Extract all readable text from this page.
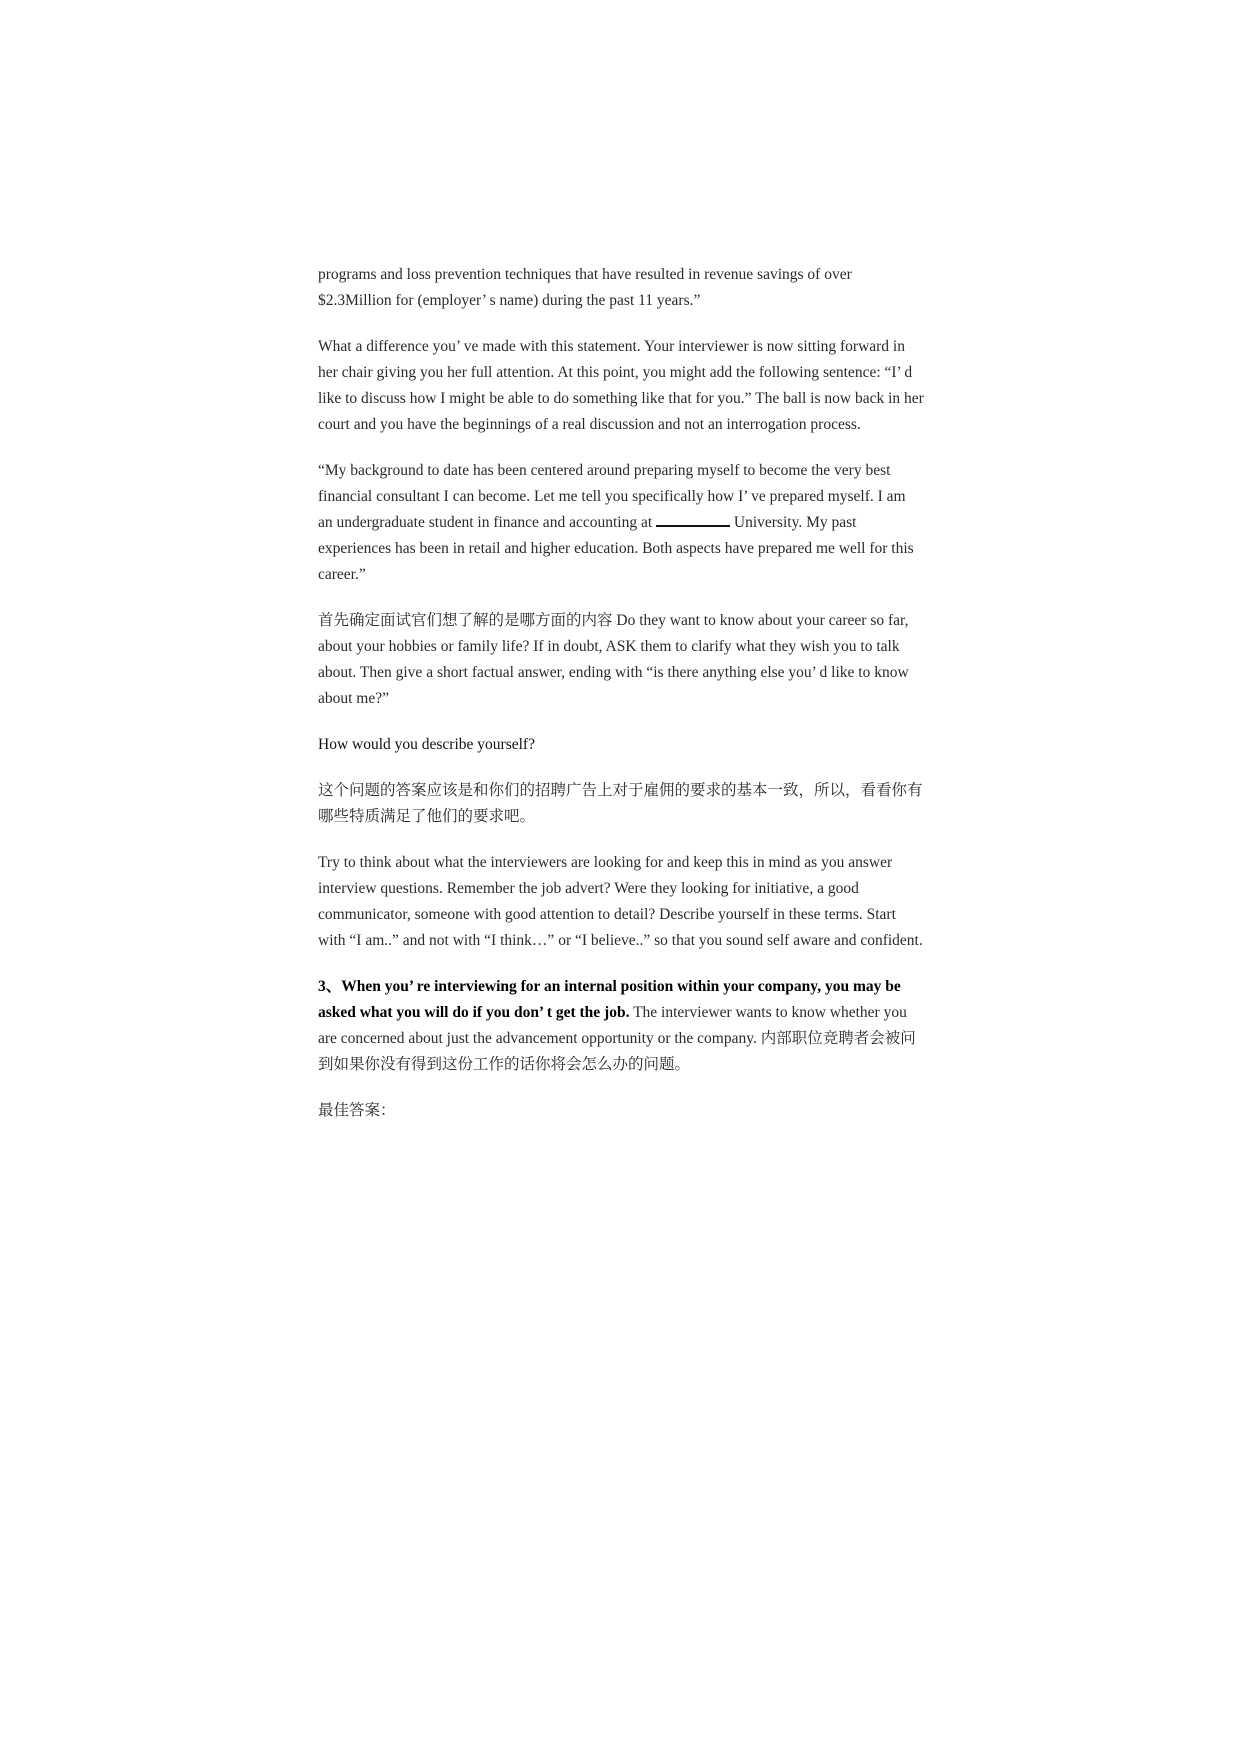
programs and loss prevention techniques that have resulted in revenue savings of over $2.3Million for (employer’ s name) during the past 11 years.”

What a difference you’ ve made with this statement. Your interviewer is now sitting forward in her chair giving you her full attention. At this point, you might add the following sentence: “I’ d like to discuss how I might be able to do something like that for you.” The ball is now back in her court and you have the beginnings of a real discussion and not an interrogation process.

“My background to date has been centered around preparing myself to become the very best financial consultant I can become. Let me tell you specifically how I’ ve prepared myself. I am an undergraduate student in finance and accounting at	University. My past experiences has been in retail and higher education. Both aspects have prepared me well for this career.”

首先确定面试官们想了解的是哪方面的内容 Do they want to know about your career so far, about your hobbies or family life? If in doubt, ASK them to clarify what they wish you to talk about. Then give a short factual answer, ending with “is there anything else you’ d like to know about me?”

How would you describe yourself?

这个问题的答案应该是和你们的招聘广告上对于雇佣的要求的基本一致，所以，看看你有哪些特质满足了他们的要求吧。

Try to think about what the interviewers are looking for and keep this in mind as you answer interview questions. Remember the job advert? Were they looking for initiative, a good communicator, someone with good attention to detail? Describe yourself in these terms. Start with “I am..” and not with “I think…” or “I believe..” so that you sound self aware and confident.

3、When you’ re interviewing for an internal position within your company, you may be asked what you will do if you don’ t get the job. The interviewer wants to know whether you are concerned about just the advancement opportunity or the company. 内部职位竞聘者会被问到如果你没有得到这份工作的话你将会怎么办的问题。

最佳答案：
